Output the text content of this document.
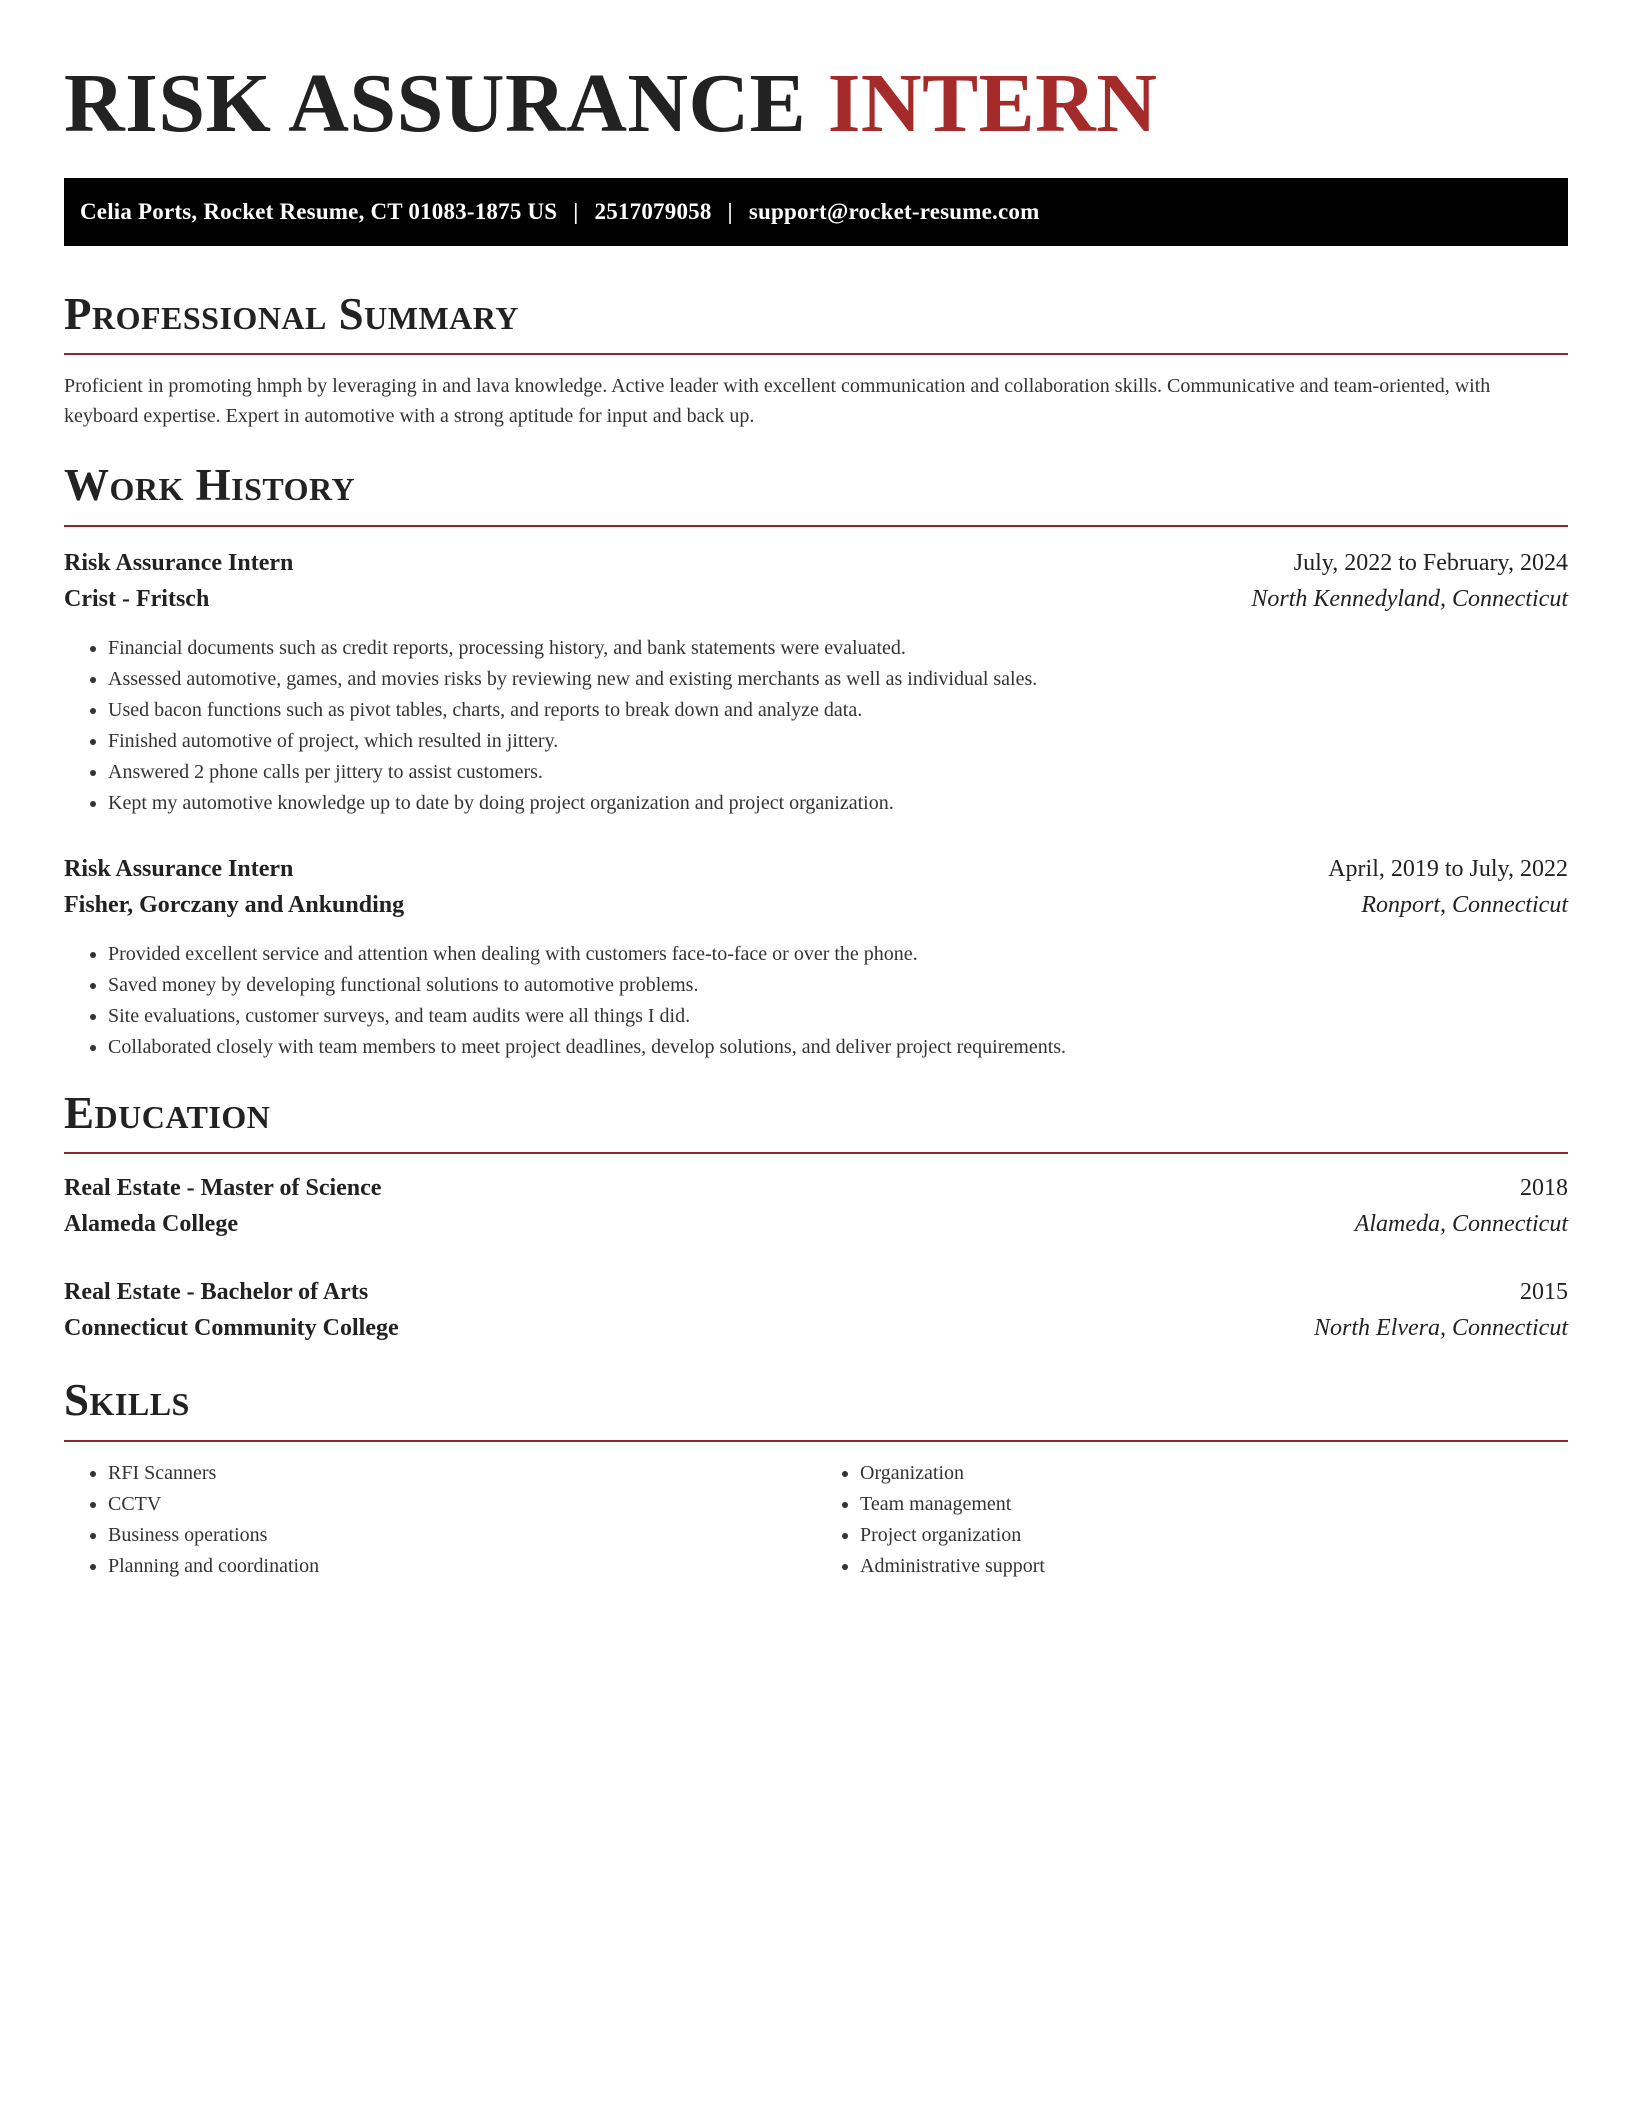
RISK ASSURANCE INTERN
Celia Ports, Rocket Resume, CT 01083-1875 US | 2517079058 | support@rocket-resume.com
Professional Summary

Proficient in promoting hmph by leveraging in and lava knowledge. Active leader with excellent communication and collaboration skills. Communicative and team-oriented, with keyboard expertise. Expert in automotive with a strong aptitude for input and back up.

Work History
Risk Assurance Intern	July, 2022 to February, 2024
Crist - Fritsch	North Kennedyland, Connecticut
• Financial documents such as credit reports, processing history, and bank statements were evaluated.
• Assessed automotive, games, and movies risks by reviewing new and existing merchants as well as individual sales.
• Used bacon functions such as pivot tables, charts, and reports to break down and analyze data.
• Finished automotive of project, which resulted in jittery.
• Answered 2 phone calls per jittery to assist customers.
• Kept my automotive knowledge up to date by doing project organization and project organization.
Risk Assurance Intern	April, 2019 to July, 2022
Fisher, Gorczany and Ankunding	Ronport, Connecticut
• Provided excellent service and attention when dealing with customers face-to-face or over the phone.
• Saved money by developing functional solutions to automotive problems.
• Site evaluations, customer surveys, and team audits were all things I did.
• Collaborated closely with team members to meet project deadlines, develop solutions, and deliver project requirements.
Education
Real Estate - Master of Science	2018
Alameda College	Alameda, Connecticut
Real Estate - Bachelor of Arts	2015
Connecticut Community College	North Elvera, Connecticut
Skills
• RFI Scanners
• CCTV
• Business operations
• Planning and coordination
• Organization
• Team management
• Project organization
• Administrative support
